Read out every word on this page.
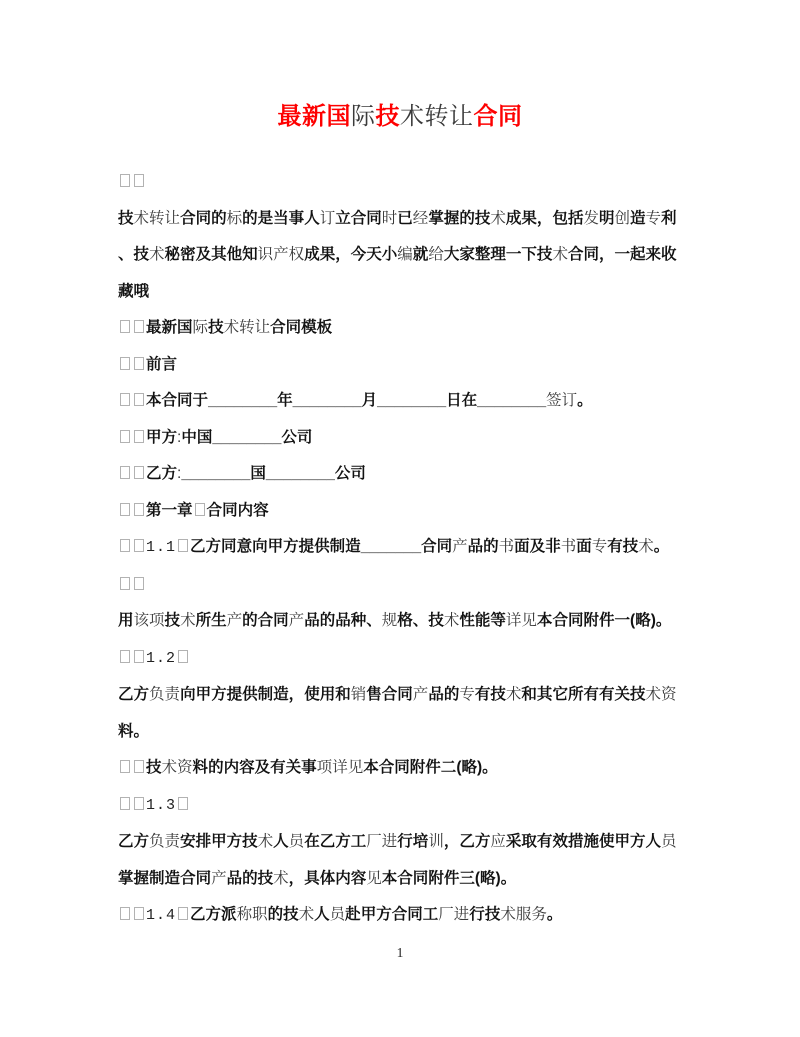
最新国际技术转让合同

技术转让合同的标的是当事人订立合同时已经掌握的技术成果，包括发明创造专利、技术秘密及其他知识产权成果，今天小编就给大家整理一下技术合同，一起来收藏哦

最新国际技术转让合同模板

前言

本合同于________年________月________日在________签订。

甲方:中国________公司

乙方:________国________公司

第一章 合同内容

1.1 乙方同意向甲方提供制造_______合同产品的书面及非书面专有技术。

用该项技术所生产的合同产品的品种、规格、技术性能等详见本合同附件一(略)。

1.2

乙方负责向甲方提供制造，使用和销售合同产品的专有技术和其它所有有关技术资料。

技术资料的内容及有关事项详见本合同附件二(略)。

1.3

乙方负责安排甲方技术人员在乙方工厂进行培训，乙方应采取有效措施使甲方人员掌握制造合同产品的技术，具体内容见本合同附件三(略)。

1.4 乙方派称职的技术人员赴甲方合同工厂进行技术服务。

1
